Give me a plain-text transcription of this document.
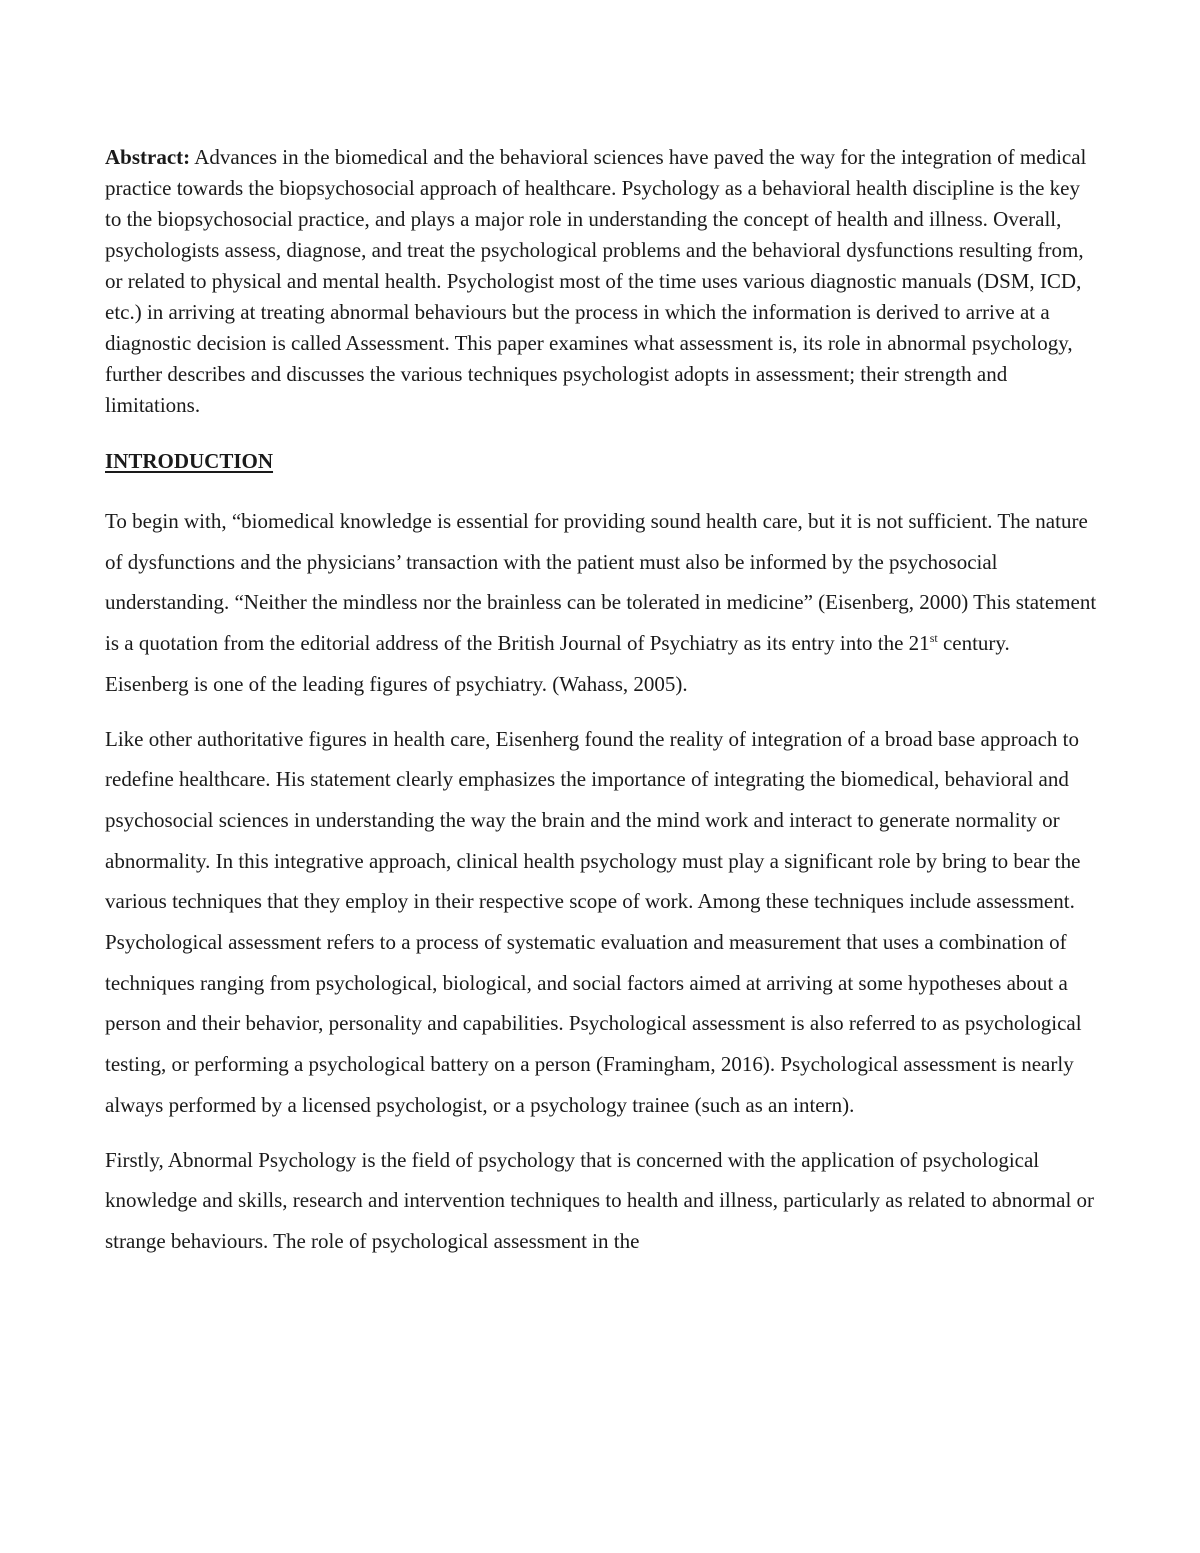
Abstract: Advances in the biomedical and the behavioral sciences have paved the way for the integration of medical practice towards the biopsychosocial approach of healthcare. Psychology as a behavioral health discipline is the key to the biopsychosocial practice, and plays a major role in understanding the concept of health and illness. Overall, psychologists assess, diagnose, and treat the psychological problems and the behavioral dysfunctions resulting from, or related to physical and mental health. Psychologist most of the time uses various diagnostic manuals (DSM, ICD, etc.) in arriving at treating abnormal behaviours but the process in which the information is derived to arrive at a diagnostic decision is called Assessment. This paper examines what assessment is, its role in abnormal psychology, further describes and discusses the various techniques psychologist adopts in assessment; their strength and limitations.

INTRODUCTION

To begin with, “biomedical knowledge is essential for providing sound health care, but it is not sufficient. The nature of dysfunctions and the physicians’ transaction with the patient must also be informed by the psychosocial understanding. “Neither the mindless nor the brainless can be tolerated in medicine” (Eisenberg, 2000) This statement is a quotation from the editorial address of the British Journal of Psychiatry as its entry into the 21st century. Eisenberg is one of the leading figures of psychiatry. (Wahass, 2005).

Like other authoritative figures in health care, Eisenherg found the reality of integration of a broad base approach to redefine healthcare. His statement clearly emphasizes the importance of integrating the biomedical, behavioral and psychosocial sciences in understanding the way the brain and the mind work and interact to generate normality or abnormality. In this integrative approach, clinical health psychology must play a significant role by bring to bear the various techniques that they employ in their respective scope of work. Among these techniques include assessment. Psychological assessment refers to a process of systematic evaluation and measurement that uses a combination of techniques ranging from psychological, biological, and social factors aimed at arriving at some hypotheses about a person and their behavior, personality and capabilities. Psychological assessment is also referred to as psychological testing, or performing a psychological battery on a person (Framingham, 2016). Psychological assessment is nearly always performed by a licensed psychologist, or a psychology trainee (such as an intern).

Firstly, Abnormal Psychology is the field of psychology that is concerned with the application of psychological knowledge and skills, research and intervention techniques to health and illness, particularly as related to abnormal or strange behaviours. The role of psychological assessment in the
